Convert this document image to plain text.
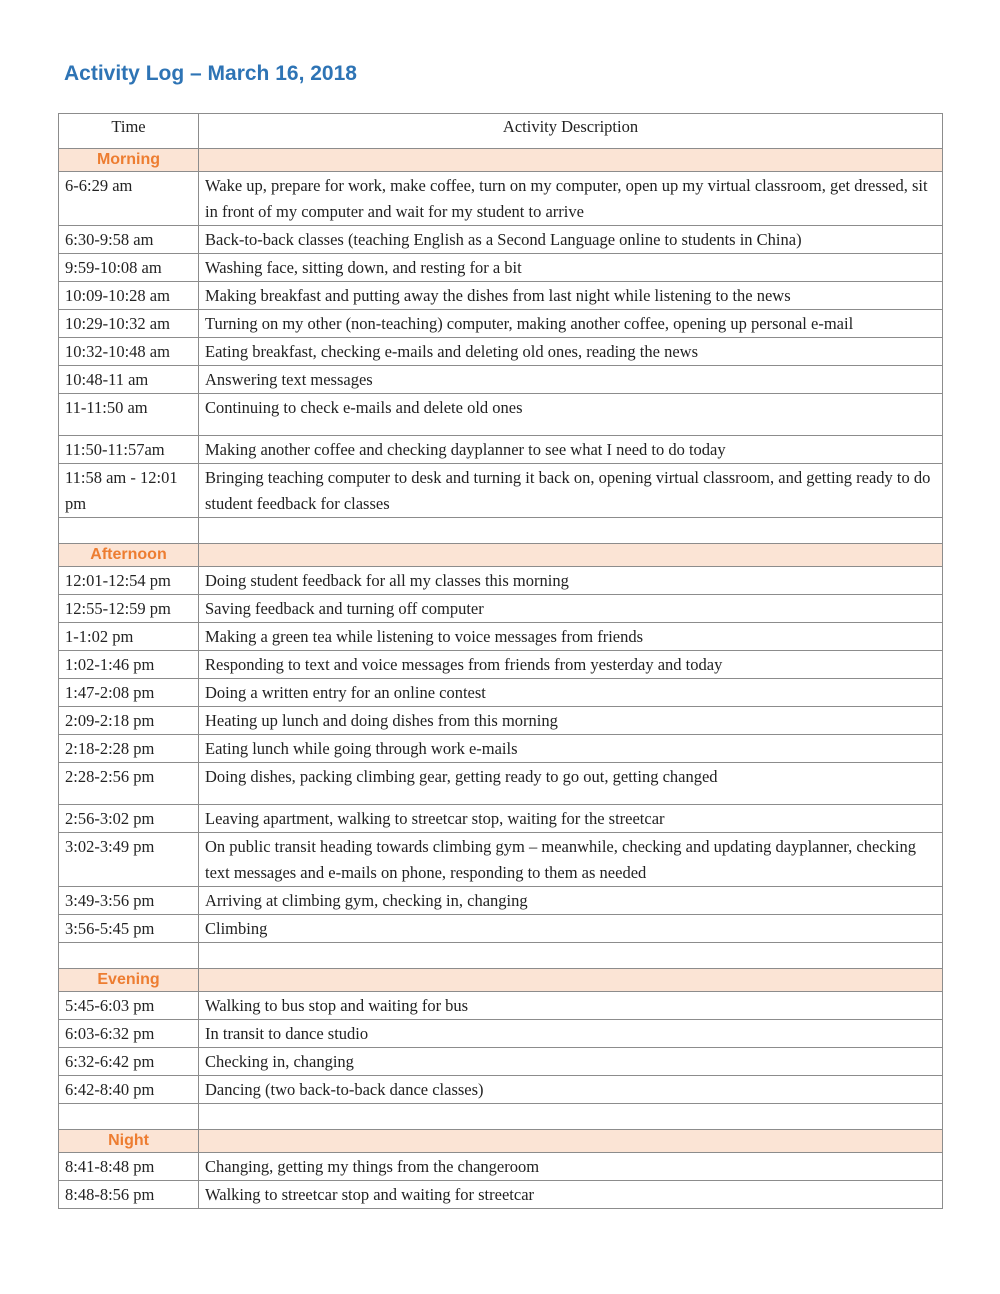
Activity Log – March 16, 2018
Time	Activity Description
Morning	
6-6:29 am	Wake up, prepare for work, make coffee, turn on my computer, open up my virtual classroom, get dressed, sit in front of my computer and wait for my student to arrive
6:30-9:58 am	Back-to-back classes (teaching English as a Second Language online to students in China)
9:59-10:08 am	Washing face, sitting down, and resting for a bit
10:09-10:28 am	Making breakfast and putting away the dishes from last night while listening to the news
10:29-10:32 am	Turning on my other (non-teaching) computer, making another coffee, opening up personal e-mail
10:32-10:48 am	Eating breakfast, checking e-mails and deleting old ones, reading the news
10:48-11 am	Answering text messages
11-11:50 am	Continuing to check e-mails and delete old ones
11:50-11:57am	Making another coffee and checking dayplanner to see what I need to do today
11:58 am - 12:01 pm	Bringing teaching computer to desk and turning it back on, opening virtual classroom, and getting ready to do student feedback for classes

Afternoon	
12:01-12:54 pm	Doing student feedback for all my classes this morning
12:55-12:59 pm	Saving feedback and turning off computer
1-1:02 pm	Making a green tea while listening to voice messages from friends
1:02-1:46 pm	Responding to text and voice messages from friends from yesterday and today
1:47-2:08 pm	Doing a written entry for an online contest
2:09-2:18 pm	Heating up lunch and doing dishes from this morning
2:18-2:28 pm	Eating lunch while going through work e-mails
2:28-2:56 pm	Doing dishes, packing climbing gear, getting ready to go out, getting changed
2:56-3:02 pm	Leaving apartment, walking to streetcar stop, waiting for the streetcar
3:02-3:49 pm	On public transit heading towards climbing gym – meanwhile, checking and updating dayplanner, checking text messages and e-mails on phone, responding to them as needed
3:49-3:56 pm	Arriving at climbing gym, checking in, changing
3:56-5:45 pm	Climbing

Evening	
5:45-6:03 pm	Walking to bus stop and waiting for bus
6:03-6:32 pm	In transit to dance studio
6:32-6:42 pm	Checking in, changing
6:42-8:40 pm	Dancing (two back-to-back dance classes)

Night	
8:41-8:48 pm	Changing, getting my things from the changeroom
8:48-8:56 pm	Walking to streetcar stop and waiting for streetcar
